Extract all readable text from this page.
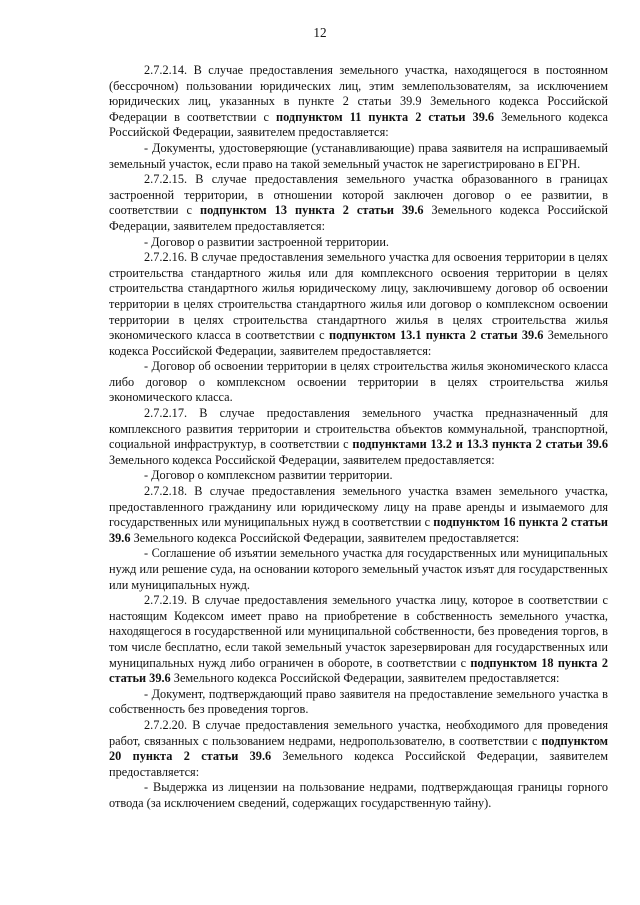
12

2.7.2.14. В случае предоставления земельного участка, находящегося в постоянном (бессрочном) пользовании юридических лиц, этим землепользователям, за исключением юридических лиц, указанных в пункте 2 статьи 39.9 Земельного кодекса Российской Федерации в соответствии с подпунктом 11 пункта 2 статьи 39.6 Земельного кодекса Российской Федерации, заявителем предоставляется:

- Документы, удостоверяющие (устанавливающие) права заявителя на испрашиваемый земельный участок, если право на такой земельный участок не зарегистрировано в ЕГРН.

2.7.2.15. В случае предоставления земельного участка образованного в границах застроенной территории, в отношении которой заключен договор о ее развитии, в соответствии с подпунктом 13 пункта 2 статьи 39.6 Земельного кодекса Российской Федерации, заявителем предоставляется:

- Договор о развитии застроенной территории.

2.7.2.16. В случае предоставления земельного участка для освоения территории в целях строительства стандартного жилья или для комплексного освоения территории в целях строительства стандартного жилья юридическому лицу, заключившему договор об освоении территории в целях строительства стандартного жилья или договор о комплексном освоении территории в целях строительства стандартного жилья в целях строительства жилья экономического класса в соответствии с подпунктом 13.1 пункта 2 статьи 39.6 Земельного кодекса Российской Федерации, заявителем предоставляется:

- Договор об освоении территории в целях строительства жилья экономического класса либо договор о комплексном освоении территории в целях строительства жилья экономического класса.

2.7.2.17. В случае предоставления земельного участка предназначенный для комплексного развития территории и строительства объектов коммунальной, транспортной, социальной инфраструктур, в соответствии с подпунктами 13.2 и 13.3 пункта 2 статьи 39.6 Земельного кодекса Российской Федерации, заявителем предоставляется:

- Договор о комплексном развитии территории.

2.7.2.18. В случае предоставления земельного участка взамен земельного участка, предоставленного гражданину или юридическому лицу на праве аренды и изымаемого для государственных или муниципальных нужд в соответствии с подпунктом 16 пункта 2 статьи 39.6 Земельного кодекса Российской Федерации, заявителем предоставляется:

- Соглашение об изъятии земельного участка для государственных или муниципальных нужд или решение суда, на основании которого земельный участок изъят для государственных или муниципальных нужд.

2.7.2.19. В случае предоставления земельного участка лицу, которое в соответствии с настоящим Кодексом имеет право на приобретение в собственность земельного участка, находящегося в государственной или муниципальной собственности, без проведения торгов, в том числе бесплатно, если такой земельный участок зарезервирован для государственных или муниципальных нужд либо ограничен в обороте, в соответствии с подпунктом 18 пункта 2 статьи 39.6 Земельного кодекса Российской Федерации, заявителем предоставляется:

- Документ, подтверждающий право заявителя на предоставление земельного участка в собственность без проведения торгов.

2.7.2.20. В случае предоставления земельного участка, необходимого для проведения работ, связанных с пользованием недрами, недропользователю, в соответствии с подпунктом 20 пункта 2 статьи 39.6 Земельного кодекса Российской Федерации, заявителем предоставляется:

- Выдержка из лицензии на пользование недрами, подтверждающая границы горного отвода (за исключением сведений, содержащих государственную тайну).
